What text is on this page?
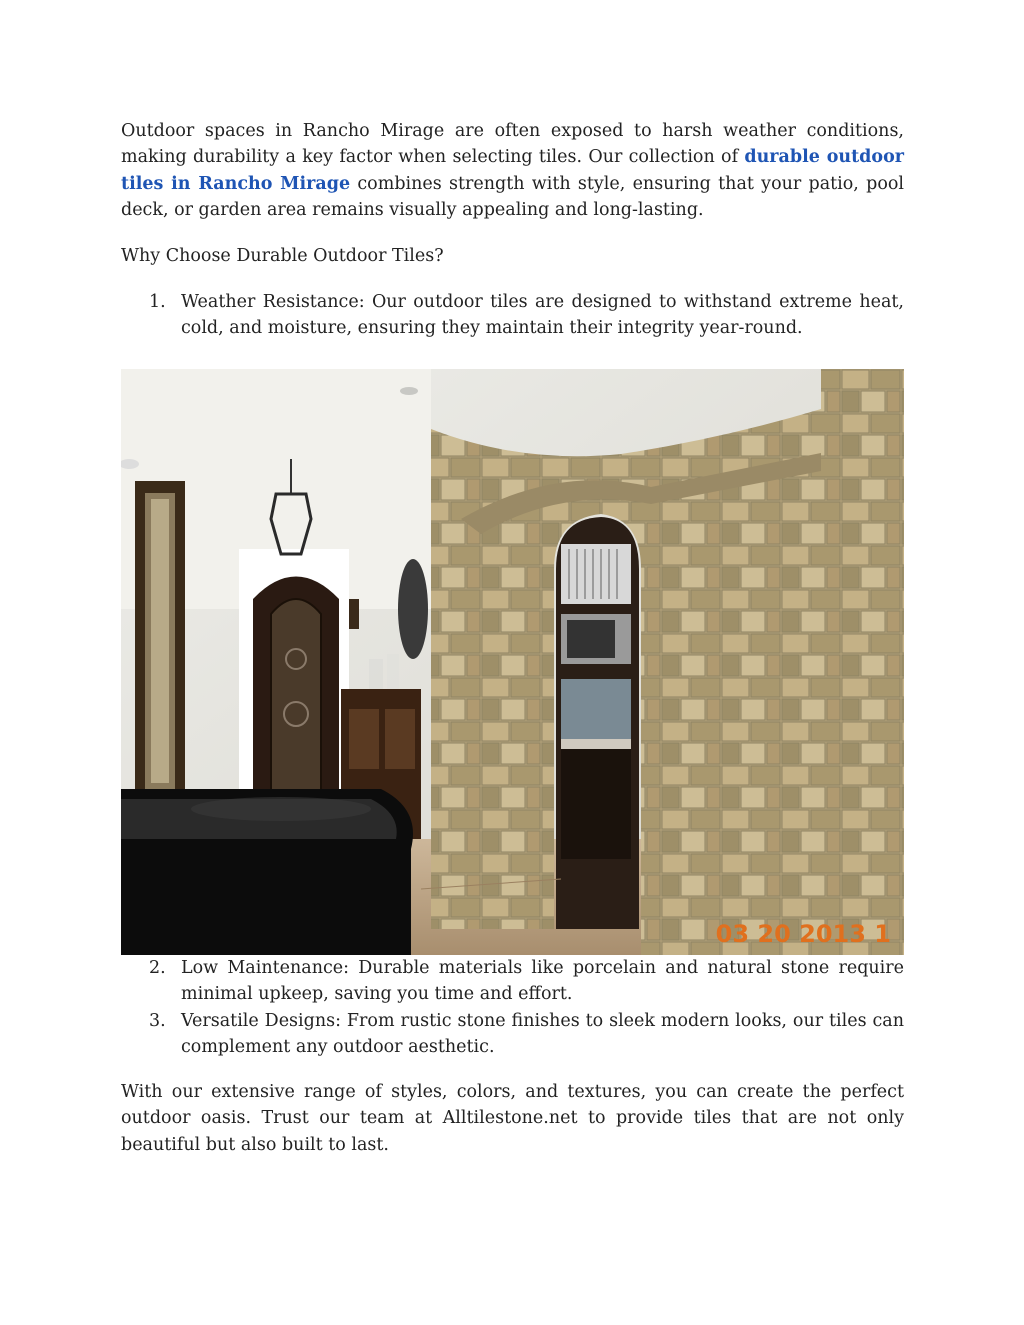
Outdoor spaces in Rancho Mirage are often exposed to harsh weather conditions, making durability a key factor when selecting tiles. Our collection of durable outdoor tiles in Rancho Mirage combines strength with style, ensuring that your patio, pool deck, or garden area remains visually appealing and long-lasting.

Why Choose Durable Outdoor Tiles?

1. Weather Resistance: Our outdoor tiles are designed to withstand extreme heat, cold, and moisture, ensuring they maintain their integrity year-round.
03 20 2013 1
2. Low Maintenance: Durable materials like porcelain and natural stone require minimal upkeep, saving you time and effort.
3. Versatile Designs: From rustic stone finishes to sleek modern looks, our tiles can complement any outdoor aesthetic.

With our extensive range of styles, colors, and textures, you can create the perfect outdoor oasis. Trust our team at Alltilestone.net to provide tiles that are not only beautiful but also built to last.
